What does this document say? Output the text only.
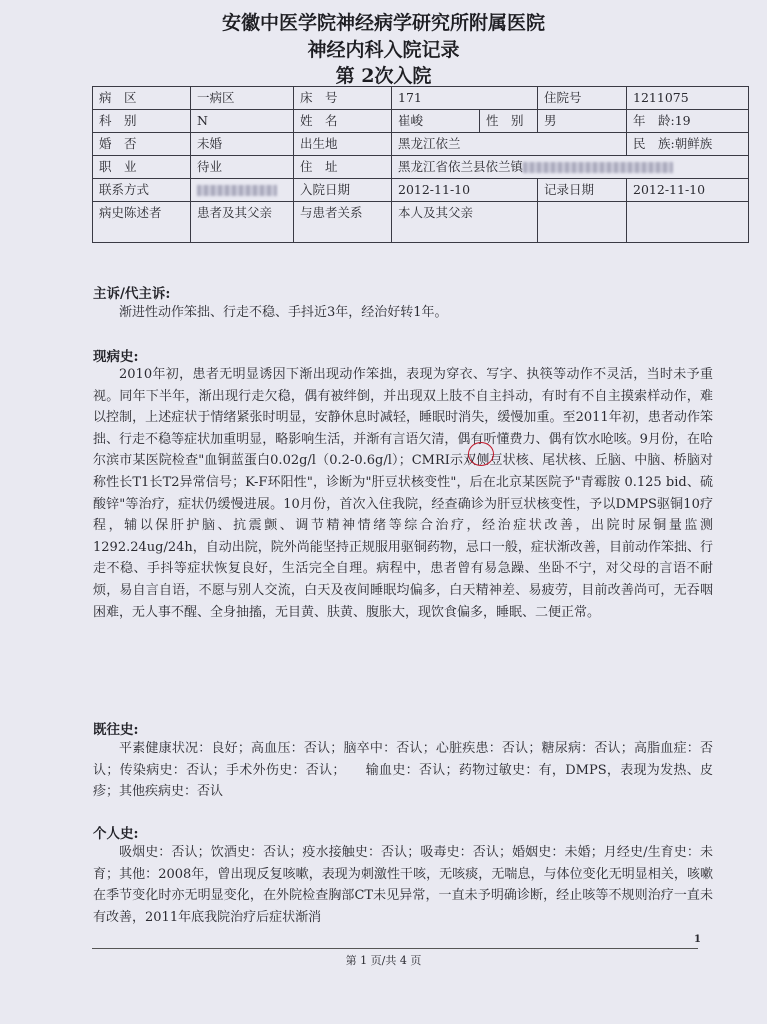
安徽中医学院神经病学研究所附属医院
神经内科入院记录
第 2次入院
病　区	一病区	床　号	171		住院号	1211075
科　别	N	姓　名	崔峻	性　别	男	年　龄:19
婚　否	未婚	出生地	黑龙江依兰			民　族:朝鲜族
职　业	待业	住　址	黑龙江省依兰县依兰镇			
联系方式		入院日期	2012-11-10		记录日期	2012-11-10
病史陈述者	患者及其父亲	与患者关系	本人及其父亲			
主诉/代主诉:
渐进性动作笨拙、行走不稳、手抖近3年，经治好转1年。
现病史:
2010年初，患者无明显诱因下渐出现动作笨拙，表现为穿衣、写字、执筷等动作不灵活，当时未予重视。同年下半年，渐出现行走欠稳，偶有被绊倒，并出现双上肢不自主抖动，有时有不自主摸索样动作，难以控制，上述症状于情绪紧张时明显，安静休息时减轻，睡眠时消失，缓慢加重。至2011年初，患者动作笨拙、行走不稳等症状加重明显，略影响生活，并渐有言语欠清，偶有听懂费力、偶有饮水呛咳。9月份，在哈尔滨市某医院检查"血铜蓝蛋白0.02g/l（0.2-0.6g/l）；CMRI示双侧豆状核、尾状核、丘脑、中脑、桥脑对称性长T1长T2异常信号；K-F环阳性"，诊断为"肝豆状核变性"，后在北京某医院予"青霉胺 0.125 bid、硫酸锌"等治疗，症状仍缓慢进展。10月份，首次入住我院，经查确诊为肝豆状核变性，予以DMPS驱铜10疗程，辅以保肝护脑、抗震颤、调节精神情绪等综合治疗，经治症状改善，出院时尿铜量监测1292.24ug/24h，自动出院，院外尚能坚持正规服用驱铜药物，忌口一般，症状渐改善，目前动作笨拙、行走不稳、手抖等症状恢复良好，生活完全自理。病程中，患者曾有易急躁、坐卧不宁，对父母的言语不耐烦，易自言自语，不愿与别人交流，白天及夜间睡眠均偏多，白天精神差、易疲劳，目前改善尚可，无吞咽困难，无人事不醒、全身抽搐，无目黄、肤黄、腹胀大，现饮食偏多，睡眠、二便正常。
既往史:
平素健康状况：良好；高血压：否认；脑卒中：否认；心脏疾患：否认；糖尿病：否认；高脂血症：否认；传染病史：否认；手术外伤史：否认；　　输血史：否认；药物过敏史：有，DMPS，表现为发热、皮疹；其他疾病史：否认
个人史:
吸烟史：否认；饮酒史：否认；疫水接触史：否认；吸毒史：否认；婚姻史：未婚；月经史/生育史：未育；其他：2008年，曾出现反复咳嗽，表现为刺激性干咳，无咳痰，无喘息，与体位变化无明显相关，咳嗽在季节变化时亦无明显变化，在外院检查胸部CT未见异常，一直未予明确诊断，经止咳等不规则治疗一直未有改善，2011年底我院治疗后症状渐消
1
第 1 页/共 4 页
